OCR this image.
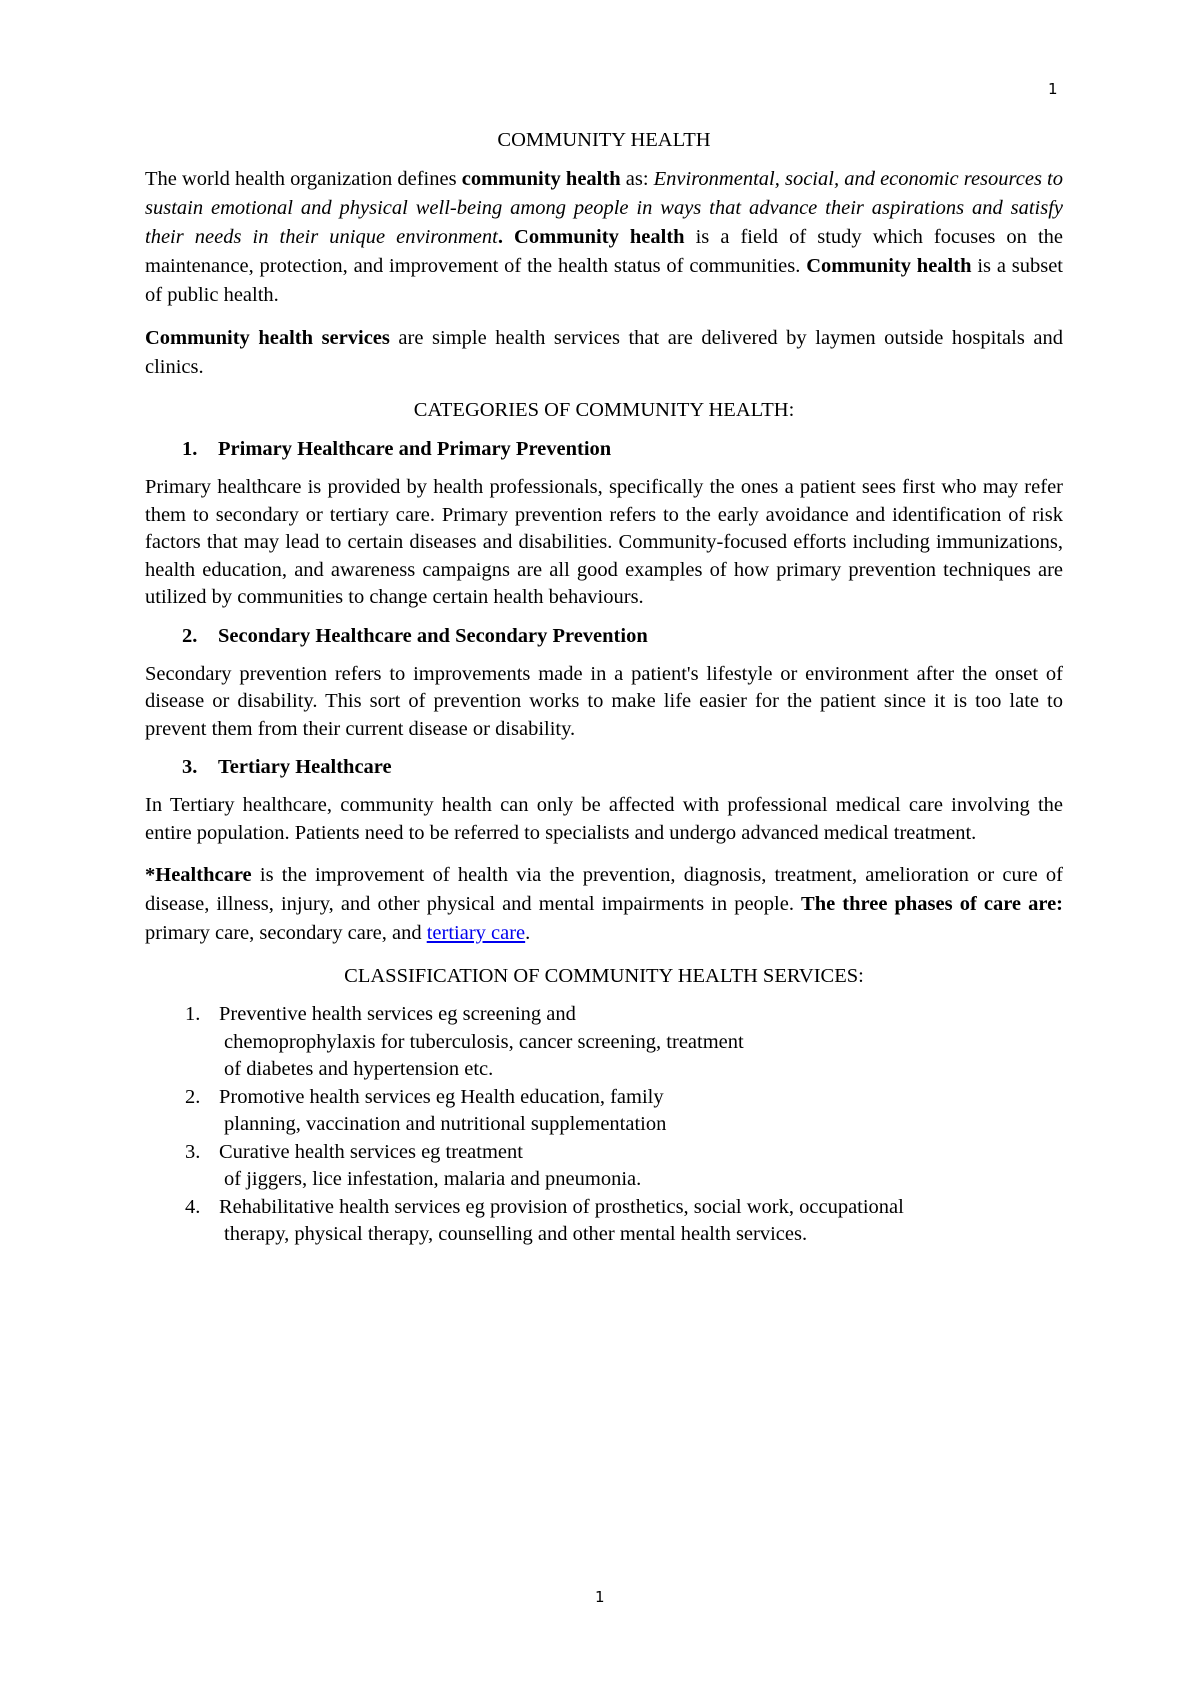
1
COMMUNITY HEALTH

The world health organization defines community health as: Environmental, social, and economic resources to sustain emotional and physical well-being among people in ways that advance their aspirations and satisfy their needs in their unique environment. Community health is a field of study which focuses on the maintenance, protection, and improvement of the health status of communities. Community health is a subset of public health.

Community health services are simple health services that are delivered by laymen outside hospitals and clinics.

CATEGORIES OF COMMUNITY HEALTH:
1. Primary Healthcare and Primary Prevention

Primary healthcare is provided by health professionals, specifically the ones a patient sees first who may refer them to secondary or tertiary care. Primary prevention refers to the early avoidance and identification of risk factors that may lead to certain diseases and disabilities. Community-focused efforts including immunizations, health education, and awareness campaigns are all good examples of how primary prevention techniques are utilized by communities to change certain health behaviours.

2. Secondary Healthcare and Secondary Prevention

Secondary prevention refers to improvements made in a patient's lifestyle or environment after the onset of disease or disability. This sort of prevention works to make life easier for the patient since it is too late to prevent them from their current disease or disability.

3. Tertiary Healthcare

In Tertiary healthcare, community health can only be affected with professional medical care involving the entire population. Patients need to be referred to specialists and undergo advanced medical treatment.

*Healthcare is the improvement of health via the prevention, diagnosis, treatment, amelioration or cure of disease, illness, injury, and other physical and mental impairments in people. The three phases of care are: primary care, secondary care, and tertiary care.

CLASSIFICATION OF COMMUNITY HEALTH SERVICES:
1. Preventive health services eg screening and
chemoprophylaxis for tuberculosis, cancer screening, treatment
of diabetes and hypertension etc.
2. Promotive health services eg Health education, family
planning, vaccination and nutritional supplementation
3. Curative health services eg treatment
of jiggers, lice infestation, malaria and pneumonia.
4. Rehabilitative health services eg provision of prosthetics, social work, occupational
therapy, physical therapy, counselling and other mental health services.
1
